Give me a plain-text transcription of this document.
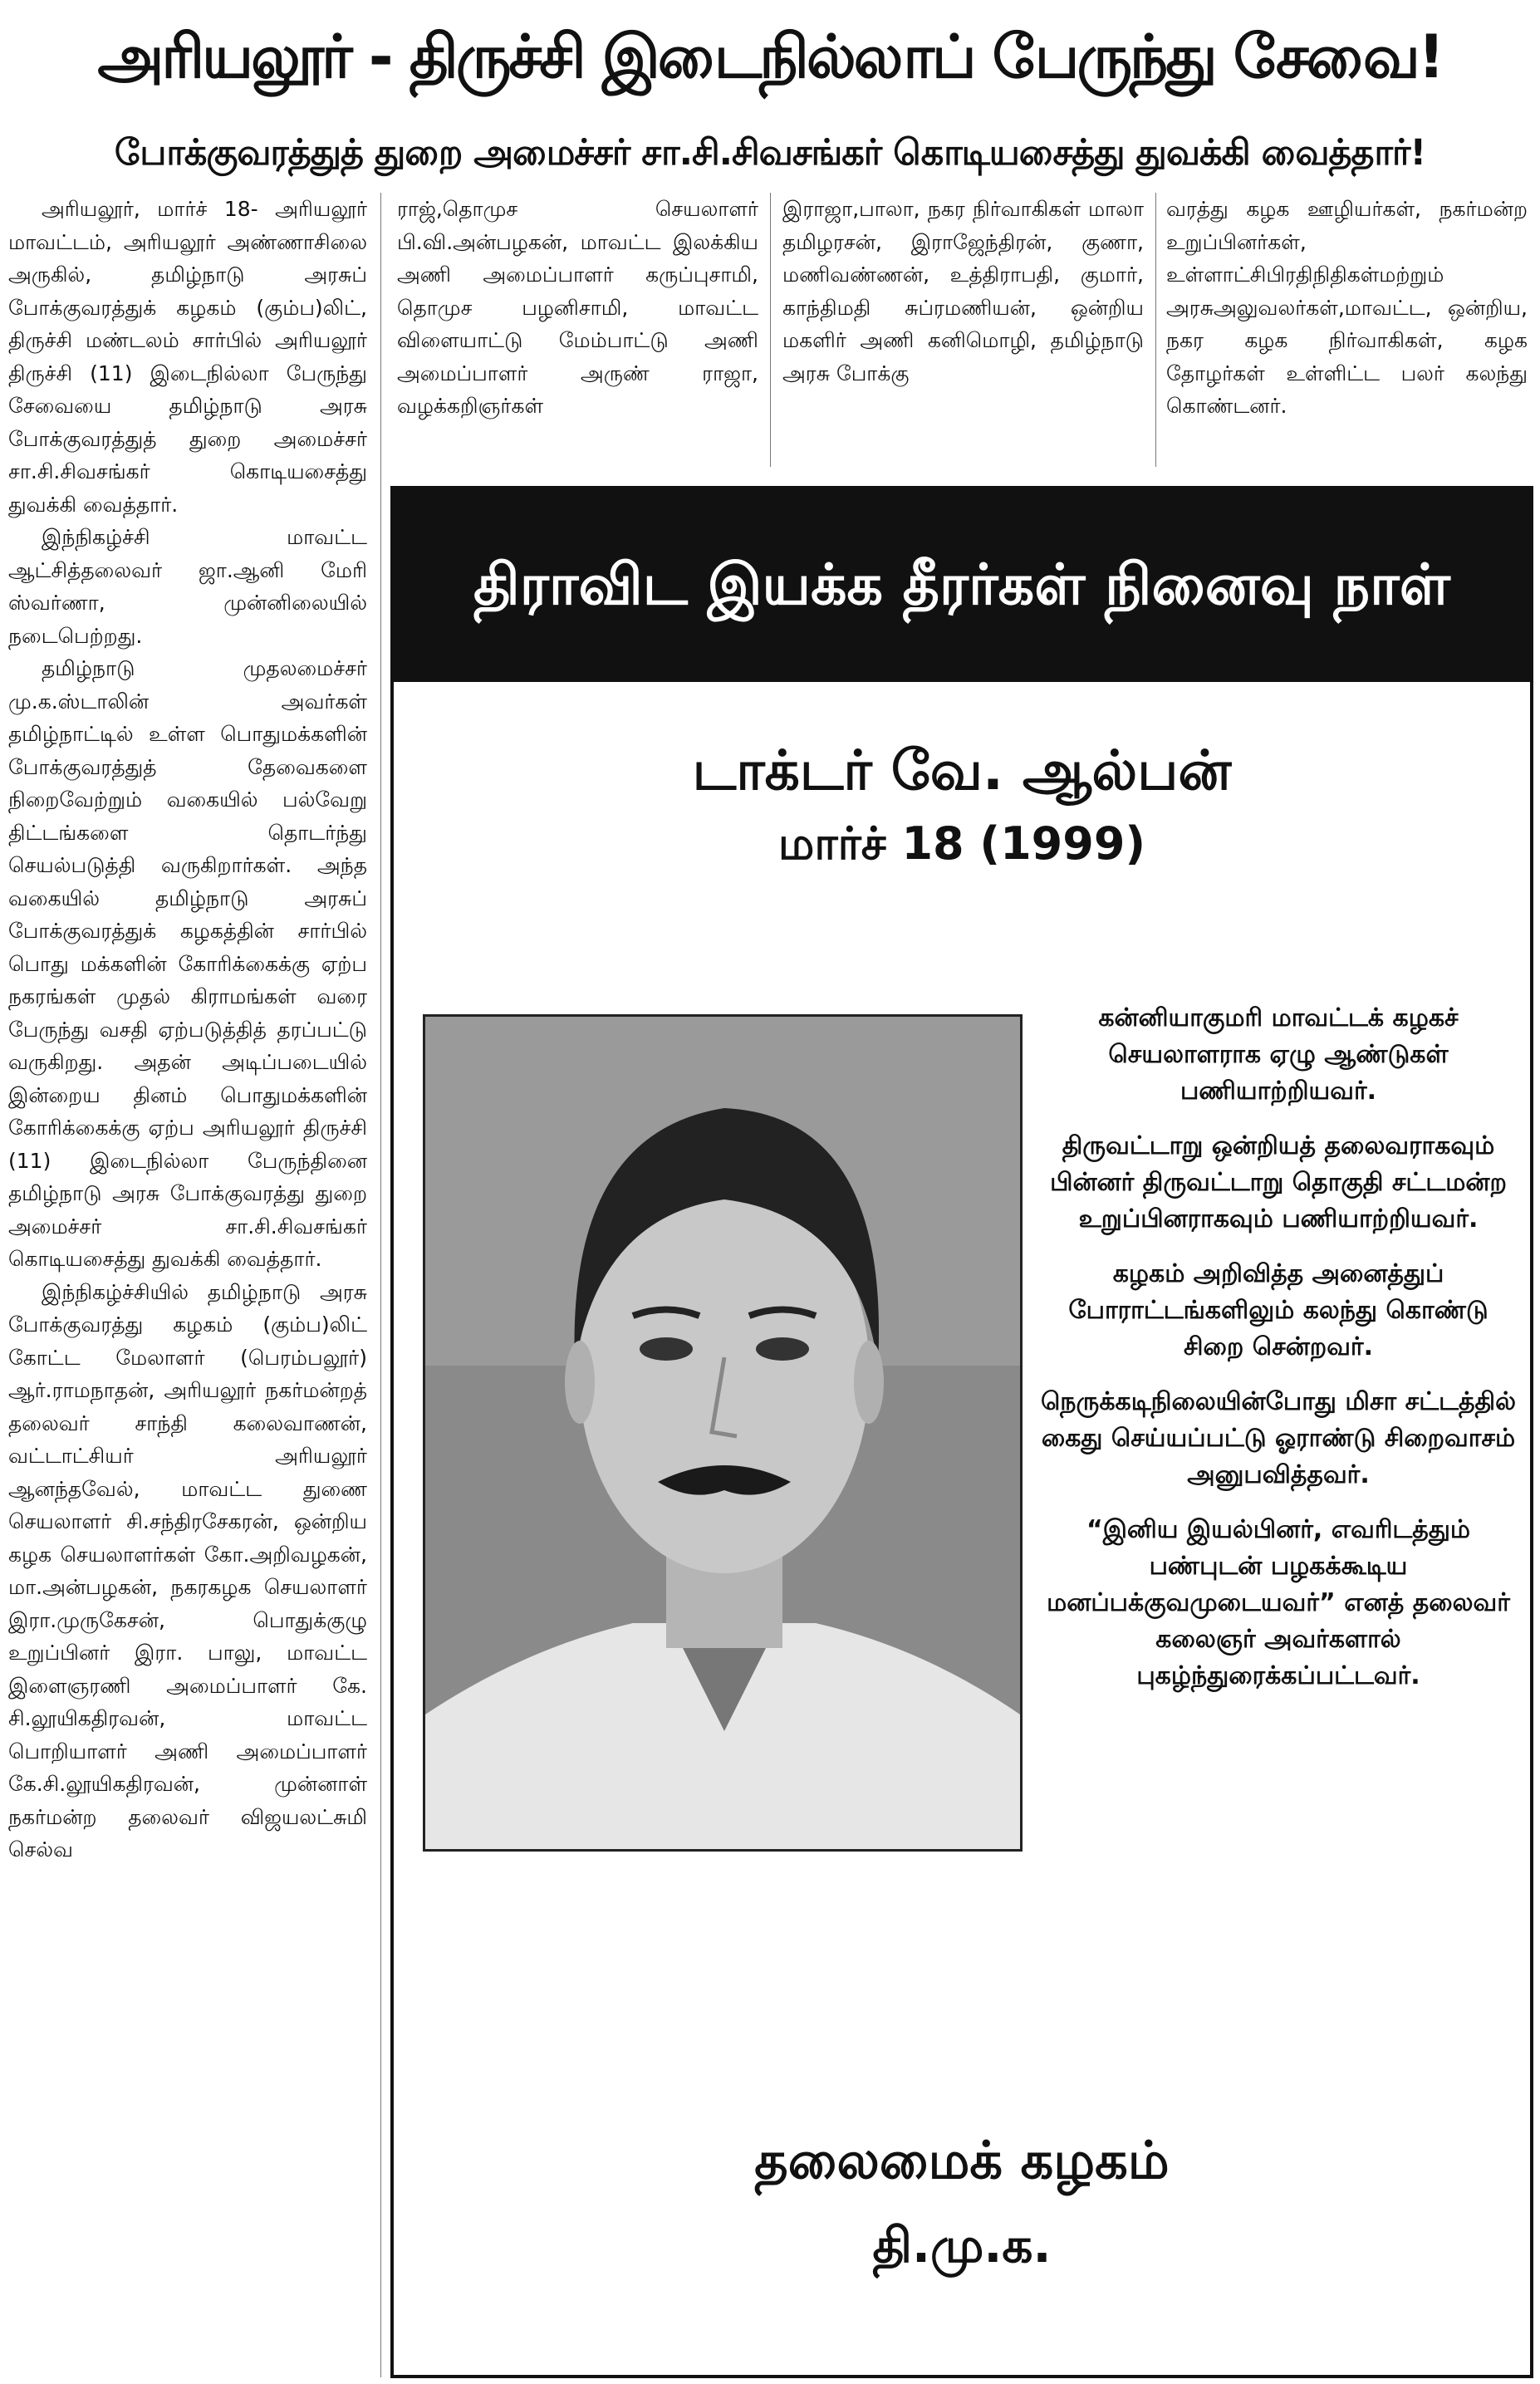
அரியலூர் - திருச்சி இடைநில்லாப் பேருந்து சேவை!
போக்குவரத்துத் துறை அமைச்சர் சா.சி.சிவசங்கர் கொடியசைத்து துவக்கி வைத்தார்!

அரியலூர், மார்ச் 18- அரியலூர் மாவட்டம், அரியலூர் அண்ணாசிலை அருகில், தமிழ்நாடு அரசுப் போக்குவரத்துக் கழகம் (கும்ப)லிட், திருச்சி மண்டலம் சார்பில் அரியலூர் திருச்சி (11) இடைநில்லா பேருந்து சேவையை தமிழ்நாடு அரசு போக்குவரத்துத் துறை அமைச்சர் சா.சி.சிவசங்கர் கொடியசைத்து துவக்கி வைத்தார்.

இந்நிகழ்ச்சி மாவட்ட ஆட்சித்தலைவர் ஜா.ஆனி மேரி ஸ்வர்ணா, முன்னிலையில் நடைபெற்றது.

தமிழ்நாடு முதலமைச்சர் மு.க.ஸ்டாலின் அவர்கள் தமிழ்நாட்டில் உள்ள பொதுமக்களின் போக்குவரத்துத் தேவைகளை நிறைவேற்றும் வகையில் பல்வேறு திட்டங்களை தொடர்ந்து செயல்படுத்தி வருகிறார்கள். அந்த வகையில் தமிழ்நாடு அரசுப் போக்குவரத்துக் கழகத்தின் சார்பில் பொது மக்களின் கோரிக்கைக்கு ஏற்ப நகரங்கள் முதல் கிராமங்கள் வரை பேருந்து வசதி ஏற்படுத்தித் தரப்பட்டு வருகிறது. அதன் அடிப்படையில் இன்றைய தினம் பொதுமக்களின் கோரிக்கைக்கு ஏற்ப அரியலூர் திருச்சி (11) இடைநில்லா பேருந்தினை தமிழ்நாடு அரசு போக்குவரத்து துறை அமைச்சர் சா.சி.சிவசங்கர் கொடியசைத்து துவக்கி வைத்தார்.

இந்நிகழ்ச்சியில் தமிழ்நாடு அரசு போக்குவரத்து கழகம் (கும்ப)லிட் கோட்ட மேலாளர் (பெரம்பலூர்) ஆர்.ராமநாதன், அரியலூர் நகர்மன்றத் தலைவர் சாந்தி கலைவாணன், வட்டாட்சியர் அரியலூர் ஆனந்தவேல், மாவட்ட துணை செயலாளர் சி.சந்திரசேகரன், ஒன்றிய கழக செயலாளர்கள் கோ.அறிவழகன், மா.அன்பழகன், நகரகழக செயலாளர் இரா.முருகேசன், பொதுக்குழு உறுப்பினர் இரா. பாலு, மாவட்ட இளைஞரணி அமைப்பாளர் கே. சி.லூயிகதிரவன், மாவட்ட பொறியாளர் அணி அமைப்பாளர் கே.சி.லூயிகதிரவன், முன்னாள் நகர்மன்ற தலைவர் விஜயலட்சுமி செல்வ

ராஜ்,தொமுச செயலாளர் பி.வி.அன்பழகன், மாவட்ட இலக்கிய அணி அமைப்பாளர் கருப்புசாமி, தொமுச பழனிசாமி, மாவட்ட விளையாட்டு மேம்பாட்டு அணி அமைப்பாளர் அருண் ராஜா, வழக்கறிஞர்கள்

இராஜா,பாலா, நகர நிர்வாகிகள் மாலா தமிழரசன், இராஜேந்திரன், குணா, மணிவண்ணன், உத்திராபதி, குமார், காந்திமதி சுப்ரமணியன், ஒன்றிய மகளிர் அணி கனிமொழி, தமிழ்நாடு அரசு போக்கு

வரத்து கழக ஊழியர்கள், நகர்மன்ற உறுப்பினர்கள், உள்ளாட்சிபிரதிநிதிகள்மற்றும் அரசுஅலுவலர்கள்,மாவட்ட, ஒன்றிய, நகர கழக நிர்வாகிகள், கழக தோழர்கள் உள்ளிட்ட பலர் கலந்து கொண்டனர்.

திராவிட இயக்க தீரர்கள் நினைவு நாள்
டாக்டர் வே. ஆல்பன்
மார்ச் 18 (1999)

கன்னியாகுமரி மாவட்டக் கழகச் செயலாளராக ஏழு ஆண்டுகள் பணியாற்றியவர்.

திருவட்டாறு ஒன்றியத் தலைவராகவும் பின்னர் திருவட்டாறு தொகுதி சட்டமன்ற உறுப்பினராகவும் பணியாற்றியவர்.

கழகம் அறிவித்த அனைத்துப் போராட்டங்களிலும் கலந்து கொண்டு சிறை சென்றவர்.

நெருக்கடிநிலையின்போது மிசா சட்டத்தில் கைது செய்யப்பட்டு ஓராண்டு சிறைவாசம் அனுபவித்தவர்.

“இனிய இயல்பினர், எவரிடத்தும் பண்புடன் பழகக்கூடிய மனப்பக்குவமுடையவர்” எனத் தலைவர் கலைஞர் அவர்களால் புகழ்ந்துரைக்கப்பட்டவர்.

தலைமைக் கழகம்
தி.மு.க.
